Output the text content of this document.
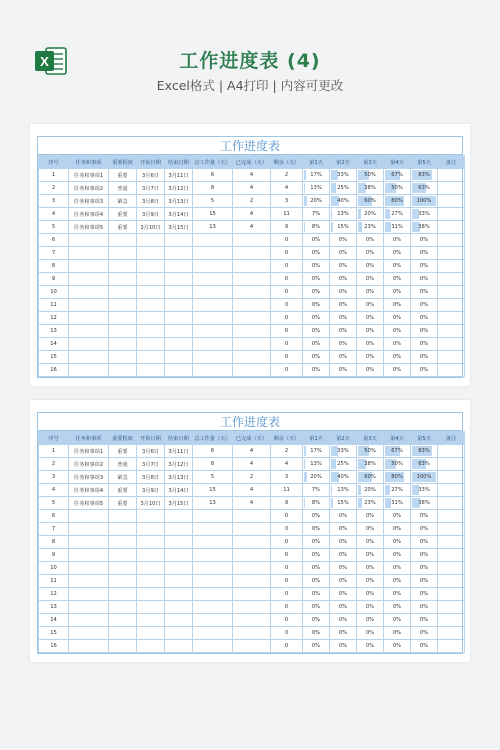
X	工作进度表 (4)
Excel格式 | A4打印 | 内容可更改
工作进度表
序号	任务和事项	重要程度	开始日期	结束日期	总工作量（天）	已完成（天）	剩余（天）	第1天	第2天	第3天	第4天	第5天	备注
1	任务和事项1	重要	3月6日	3月11日	6	4	2	17%	33%	50%	67%	83%	
2	任务和事项2	普通	3月7日	3月12日	8	4	4	13%	25%	38%	50%	63%	
3	任务和事项3	紧急	3月8日	3月13日	5	2	3	20%	40%	60%	80%	100%	
4	任务和事项4	重要	3月9日	3月14日	15	4	11	7%	13%	20%	27%	33%	
5	任务和事项5	重要	3月10日	3月15日	13	4	9	8%	15%	23%	31%	38%	
6							0	0%	0%	0%	0%	0%	
7							0	0%	0%	0%	0%	0%	
8							0	0%	0%	0%	0%	0%	
9							0	0%	0%	0%	0%	0%	
10							0	0%	0%	0%	0%	0%	
11							0	0%	0%	0%	0%	0%	
12							0	0%	0%	0%	0%	0%	
13							0	0%	0%	0%	0%	0%	
14							0	0%	0%	0%	0%	0%	
15							0	0%	0%	0%	0%	0%	
16							0	0%	0%	0%	0%	0%	
工作进度表
序号	任务和事项	重要程度	开始日期	结束日期	总工作量（天）	已完成（天）	剩余（天）	第1天	第2天	第3天	第4天	第5天	备注
1	任务和事项1	重要	3月6日	3月11日	6	4	2	17%	33%	50%	67%	83%	
2	任务和事项2	普通	3月7日	3月12日	8	4	4	13%	25%	38%	50%	63%	
3	任务和事项3	紧急	3月8日	3月13日	5	2	3	20%	40%	60%	80%	100%	
4	任务和事项4	重要	3月9日	3月14日	15	4	11	7%	13%	20%	27%	33%	
5	任务和事项5	重要	3月10日	3月15日	13	4	9	8%	15%	23%	31%	38%	
6							0	0%	0%	0%	0%	0%	
7							0	0%	0%	0%	0%	0%	
8							0	0%	0%	0%	0%	0%	
9							0	0%	0%	0%	0%	0%	
10							0	0%	0%	0%	0%	0%	
11							0	0%	0%	0%	0%	0%	
12							0	0%	0%	0%	0%	0%	
13							0	0%	0%	0%	0%	0%	
14							0	0%	0%	0%	0%	0%	
15							0	0%	0%	0%	0%	0%	
16							0	0%	0%	0%	0%	0%	
